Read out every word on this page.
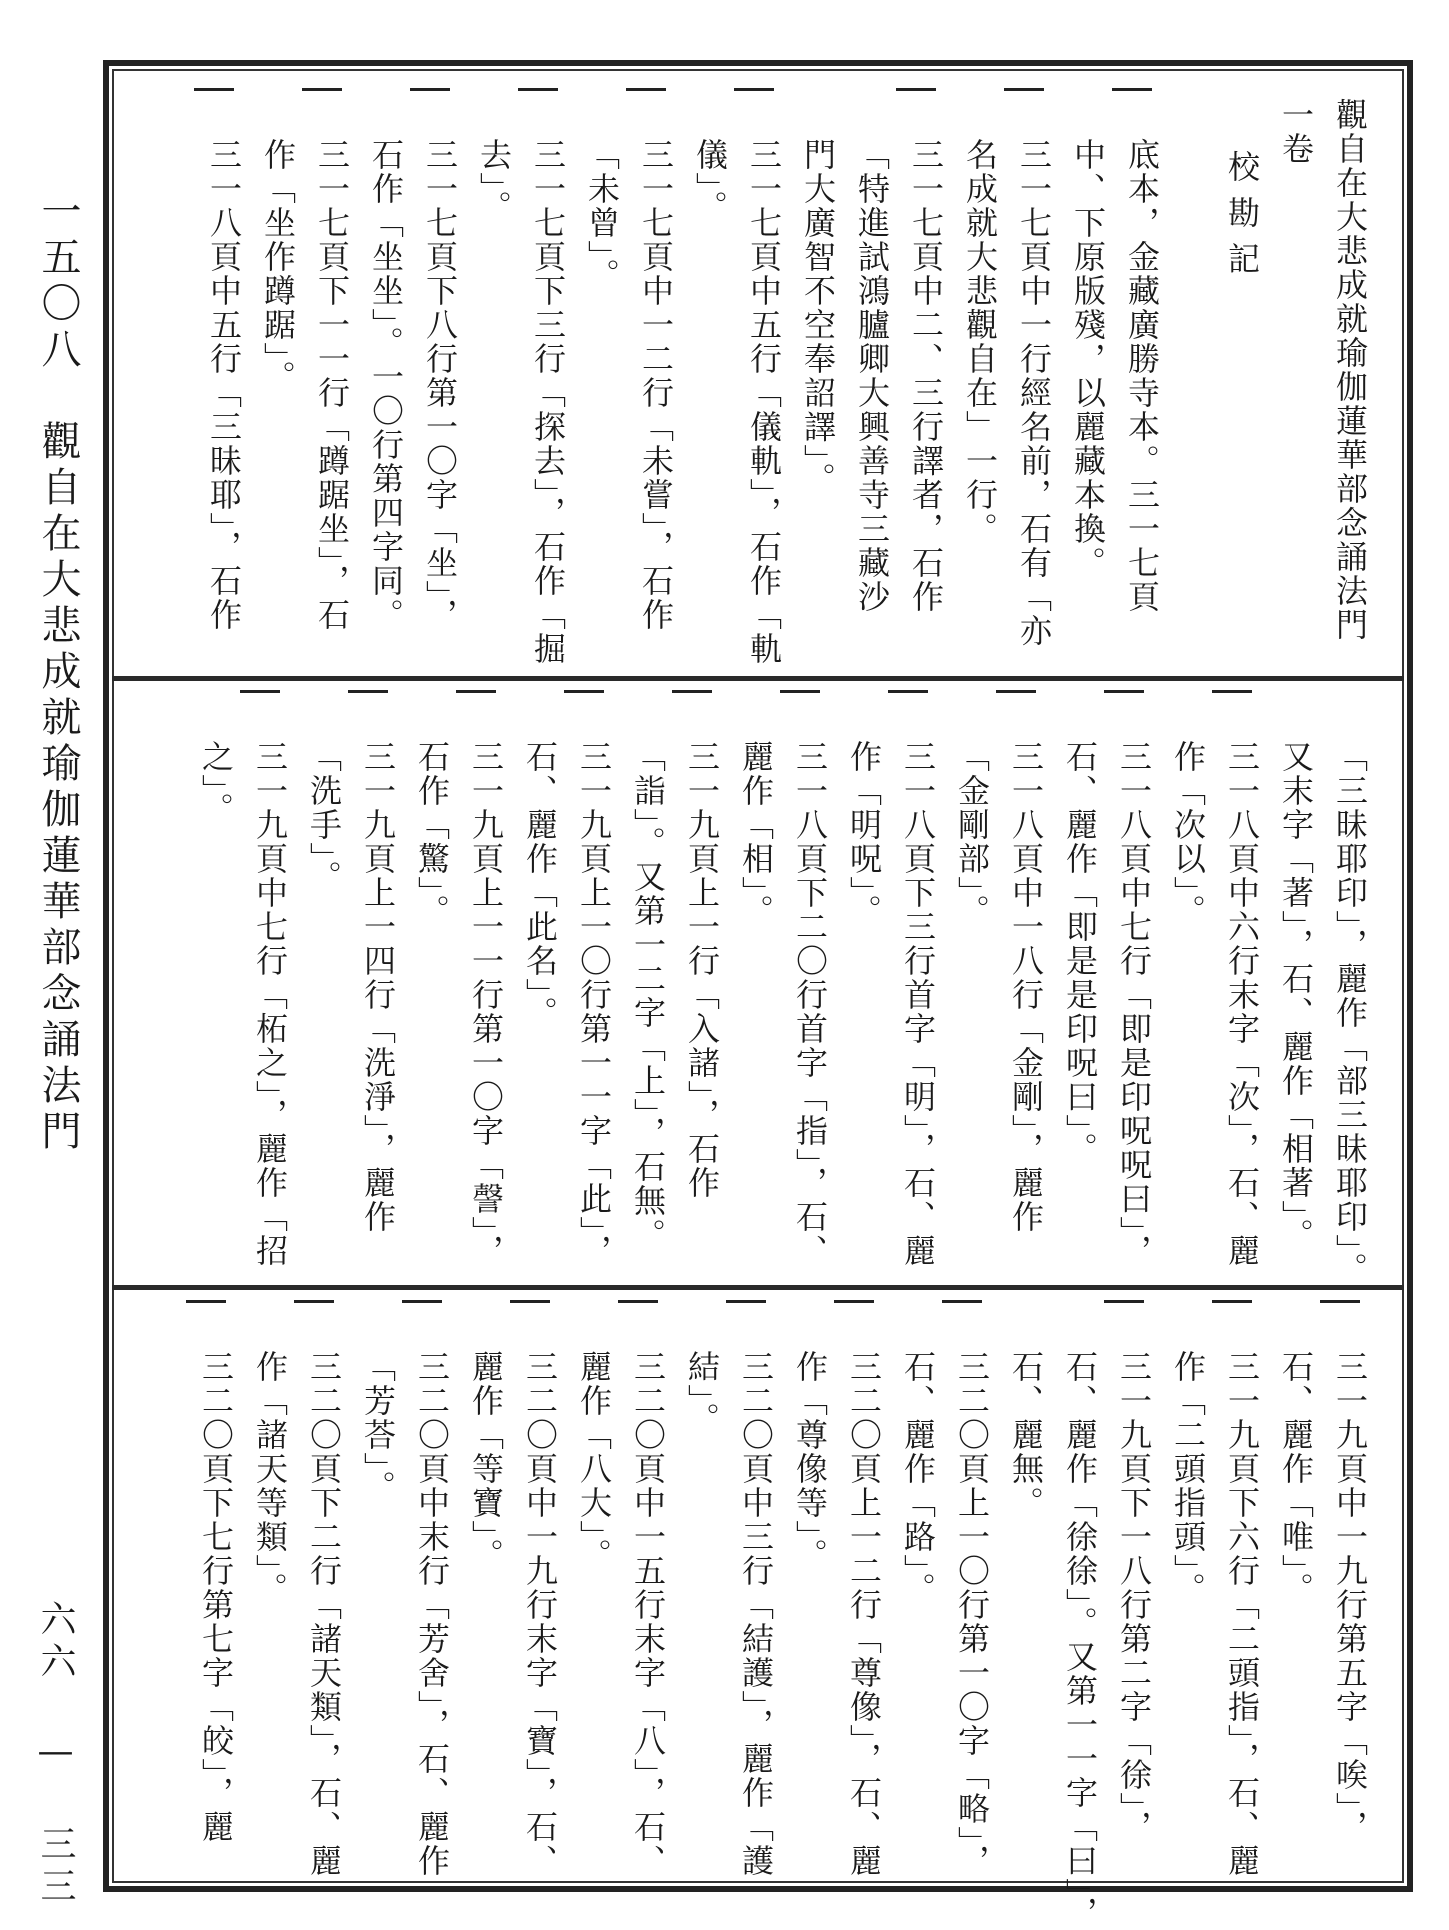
一五〇八　觀自在大悲成就瑜伽蓮華部念誦法門
六六 — 三三
觀自在大悲成就瑜伽蓮華部念誦法門
一卷
校勘記
底本，金藏廣勝寺本。三一七頁
中、下原版殘，以麗藏本換。
三一七頁中一行經名前，石有「亦
名成就大悲觀自在」一行。
三一七頁中二、三行譯者，石作
「特進試鴻臚卿大興善寺三藏沙
門大廣智不空奉詔譯」。
三一七頁中五行「儀軌」，石作「軌
儀」。
三一七頁中一二行「未嘗」，石作
「未曾」。
三一七頁下三行「探去」，石作「掘
去」。
三一七頁下八行第一〇字「坐」，
石作「坐坐」。一〇行第四字同。
三一七頁下一一行「蹲踞坐」，石
作「坐作蹲踞」。
三一八頁中五行「三昧耶」，石作
「三昧耶印」，麗作「部三昧耶印」。
又末字「著」，石、麗作「相著」。
三一八頁中六行末字「次」，石、麗
作「次以」。
三一八頁中七行「即是印呪呪曰」，
石、麗作「即是是印呪曰」。
三一八頁中一八行「金剛」，麗作
「金剛部」。
三一八頁下三行首字「明」，石、麗
作「明呪」。
三一八頁下二〇行首字「指」，石、
麗作「相」。
三一九頁上一行「入諸」，石作
「詣」。又第一二字「上」，石無。
三一九頁上一〇行第一一字「此」，
石、麗作「此名」。
三一九頁上一一行第一〇字「謦」，
石作「驚」。
三一九頁上一四行「洗淨」，麗作
「洗手」。
三一九頁中七行「柘之」，麗作「招
之」。
三一九頁中一九行第五字「唉」，
石、麗作「唯」。
三一九頁下六行「二頭指」，石、麗
作「二頭指頭」。
三一九頁下一八行第二字「徐」，
石、麗作「徐徐」。又第一一字「曰」，
石、麗無。
三二〇頁上一〇行第一〇字「略」，
石、麗作「路」。
三二〇頁上一二行「尊像」，石、麗
作「尊像等」。
三二〇頁中三行「結護」，麗作「護
結」。
三二〇頁中一五行末字「八」，石、
麗作「八大」。
三二〇頁中一九行末字「寶」，石、
麗作「等寶」。
三二〇頁中末行「芳舍」，石、麗作
「芳荅」。
三二〇頁下二行「諸天類」，石、麗
作「諸天等類」。
三二〇頁下七行第七字「皎」，麗
